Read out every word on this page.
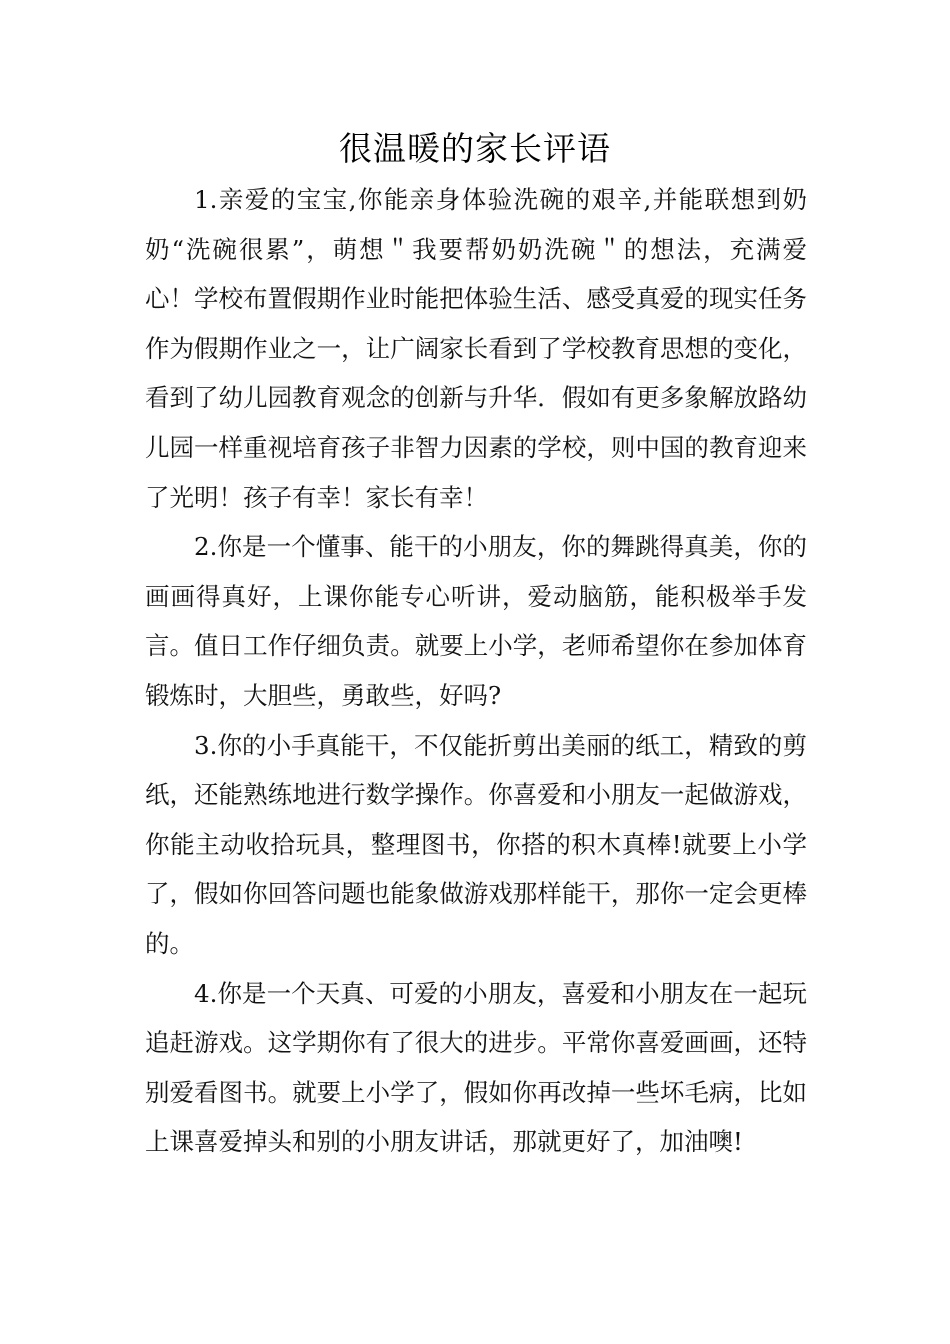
很温暖的家长评语

1.亲爱的宝宝,你能亲身体验洗碗的艰辛,并能联想到奶奶“洗碗很累”，萌想＂我要帮奶奶洗碗＂的想法，充满爱心！学校布置假期作业时能把体验生活、感受真爱的现实任务作为假期作业之一，让广阔家长看到了学校教育思想的变化，看到了幼儿园教育观念的创新与升华．假如有更多象解放路幼儿园一样重视培育孩子非智力因素的学校，则中国的教育迎来了光明！孩子有幸！家长有幸！

2.你是一个懂事、能干的小朋友，你的舞跳得真美，你的画画得真好，上课你能专心听讲，爱动脑筋，能积极举手发言。值日工作仔细负责。就要上小学，老师希望你在参加体育锻炼时，大胆些，勇敢些，好吗?

3.你的小手真能干，不仅能折剪出美丽的纸工，精致的剪纸，还能熟练地进行数学操作。你喜爱和小朋友一起做游戏，你能主动收拾玩具，整理图书，你搭的积木真棒!就要上小学了，假如你回答问题也能象做游戏那样能干，那你一定会更棒的。

4.你是一个天真、可爱的小朋友，喜爱和小朋友在一起玩追赶游戏。这学期你有了很大的进步。平常你喜爱画画，还特别爱看图书。就要上小学了，假如你再改掉一些坏毛病，比如上课喜爱掉头和别的小朋友讲话，那就更好了，加油噢!
